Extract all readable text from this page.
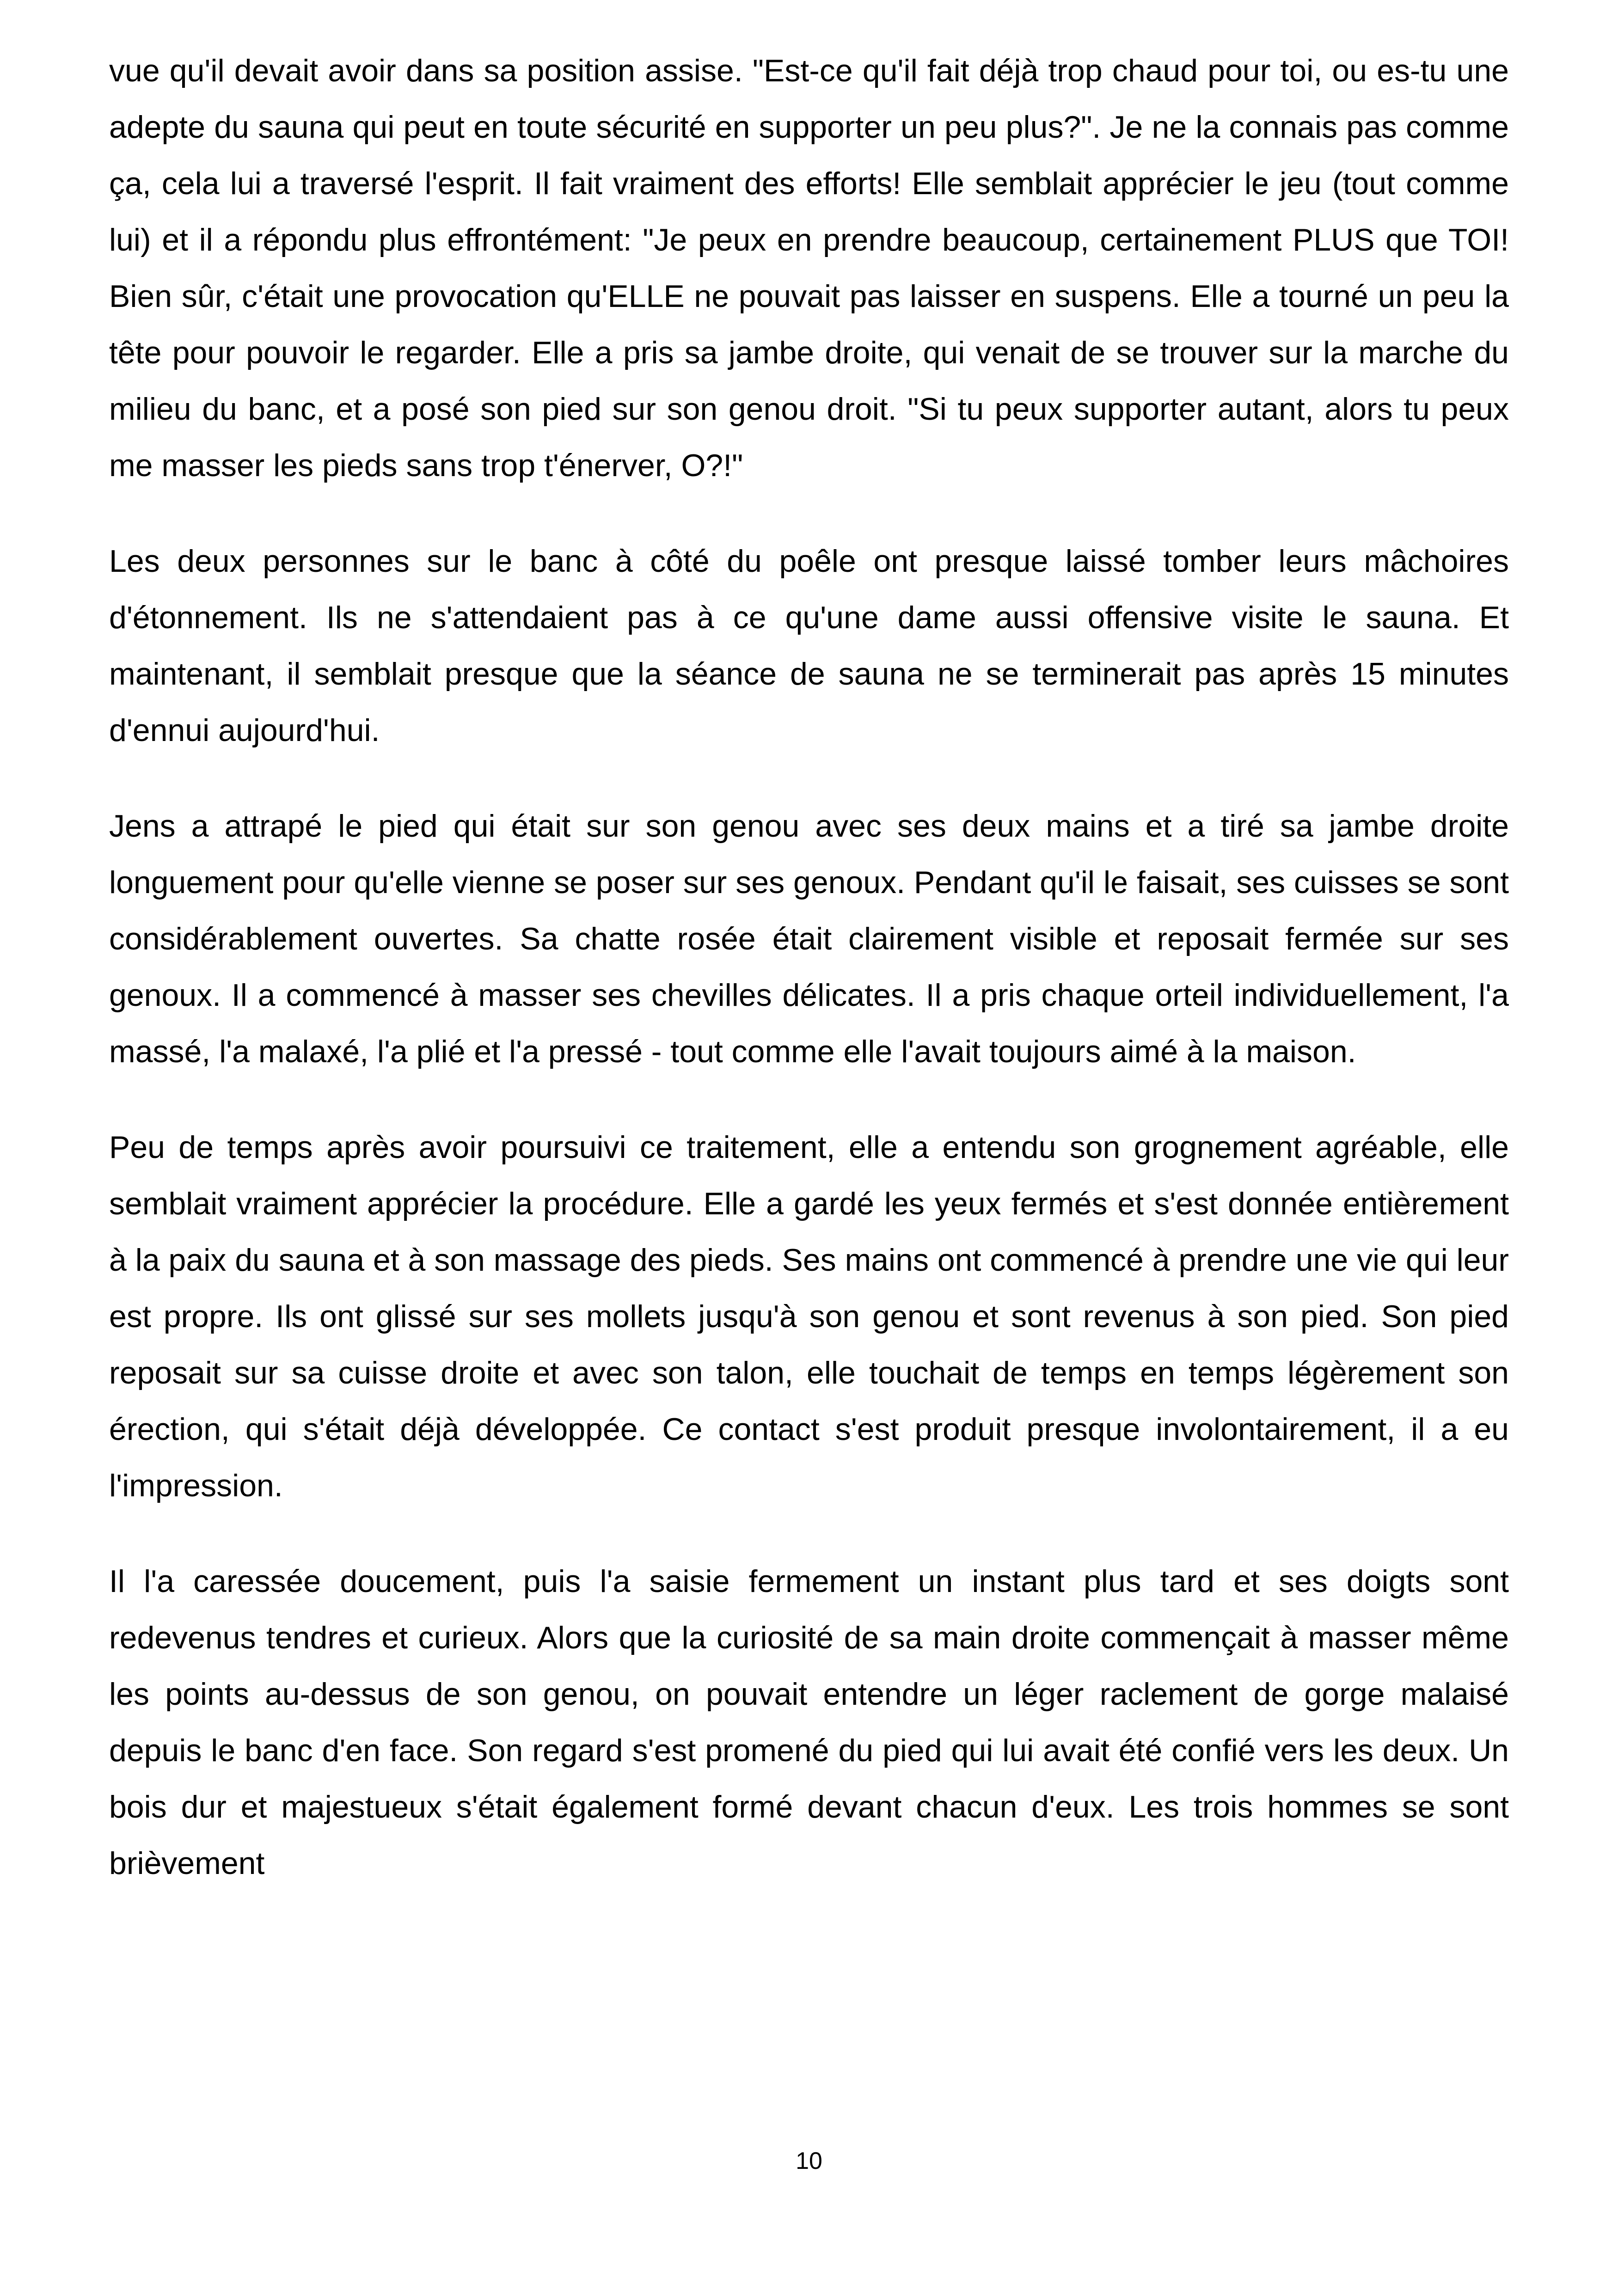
vue qu'il devait avoir dans sa position assise. "Est-ce qu'il fait déjà trop chaud pour toi, ou es-tu une adepte du sauna qui peut en toute sécurité en supporter un peu plus?". Je ne la connais pas comme ça, cela lui a traversé l'esprit. Il fait vraiment des efforts! Elle semblait apprécier le jeu (tout comme lui) et il a répondu plus effrontément: "Je peux en prendre beaucoup, certainement PLUS que TOI! Bien sûr, c'était une provocation qu'ELLE ne pouvait pas laisser en suspens. Elle a tourné un peu la tête pour pouvoir le regarder. Elle a pris sa jambe droite, qui venait de se trouver sur la marche du milieu du banc, et a posé son pied sur son genou droit. "Si tu peux supporter autant, alors tu peux me masser les pieds sans trop t'énerver, O?!"

Les deux personnes sur le banc à côté du poêle ont presque laissé tomber leurs mâchoires d'étonnement. Ils ne s'attendaient pas à ce qu'une dame aussi offensive visite le sauna. Et maintenant, il semblait presque que la séance de sauna ne se terminerait pas après 15 minutes d'ennui aujourd'hui.

Jens a attrapé le pied qui était sur son genou avec ses deux mains et a tiré sa jambe droite longuement pour qu'elle vienne se poser sur ses genoux. Pendant qu'il le faisait, ses cuisses se sont considérablement ouvertes. Sa chatte rosée était clairement visible et reposait fermée sur ses genoux. Il a commencé à masser ses chevilles délicates. Il a pris chaque orteil individuellement, l'a massé, l'a malaxé, l'a plié et l'a pressé - tout comme elle l'avait toujours aimé à la maison.

Peu de temps après avoir poursuivi ce traitement, elle a entendu son grognement agréable, elle semblait vraiment apprécier la procédure. Elle a gardé les yeux fermés et s'est donnée entièrement à la paix du sauna et à son massage des pieds. Ses mains ont commencé à prendre une vie qui leur est propre. Ils ont glissé sur ses mollets jusqu'à son genou et sont revenus à son pied. Son pied reposait sur sa cuisse droite et avec son talon, elle touchait de temps en temps légèrement son érection, qui s'était déjà développée. Ce contact s'est produit presque involontairement, il a eu l'impression.

Il l'a caressée doucement, puis l'a saisie fermement un instant plus tard et ses doigts sont redevenus tendres et curieux. Alors que la curiosité de sa main droite commençait à masser même les points au-dessus de son genou, on pouvait entendre un léger raclement de gorge malaisé depuis le banc d'en face. Son regard s'est promené du pied qui lui avait été confié vers les deux. Un bois dur et majestueux s'était également formé devant chacun d'eux. Les trois hommes se sont brièvement

10
